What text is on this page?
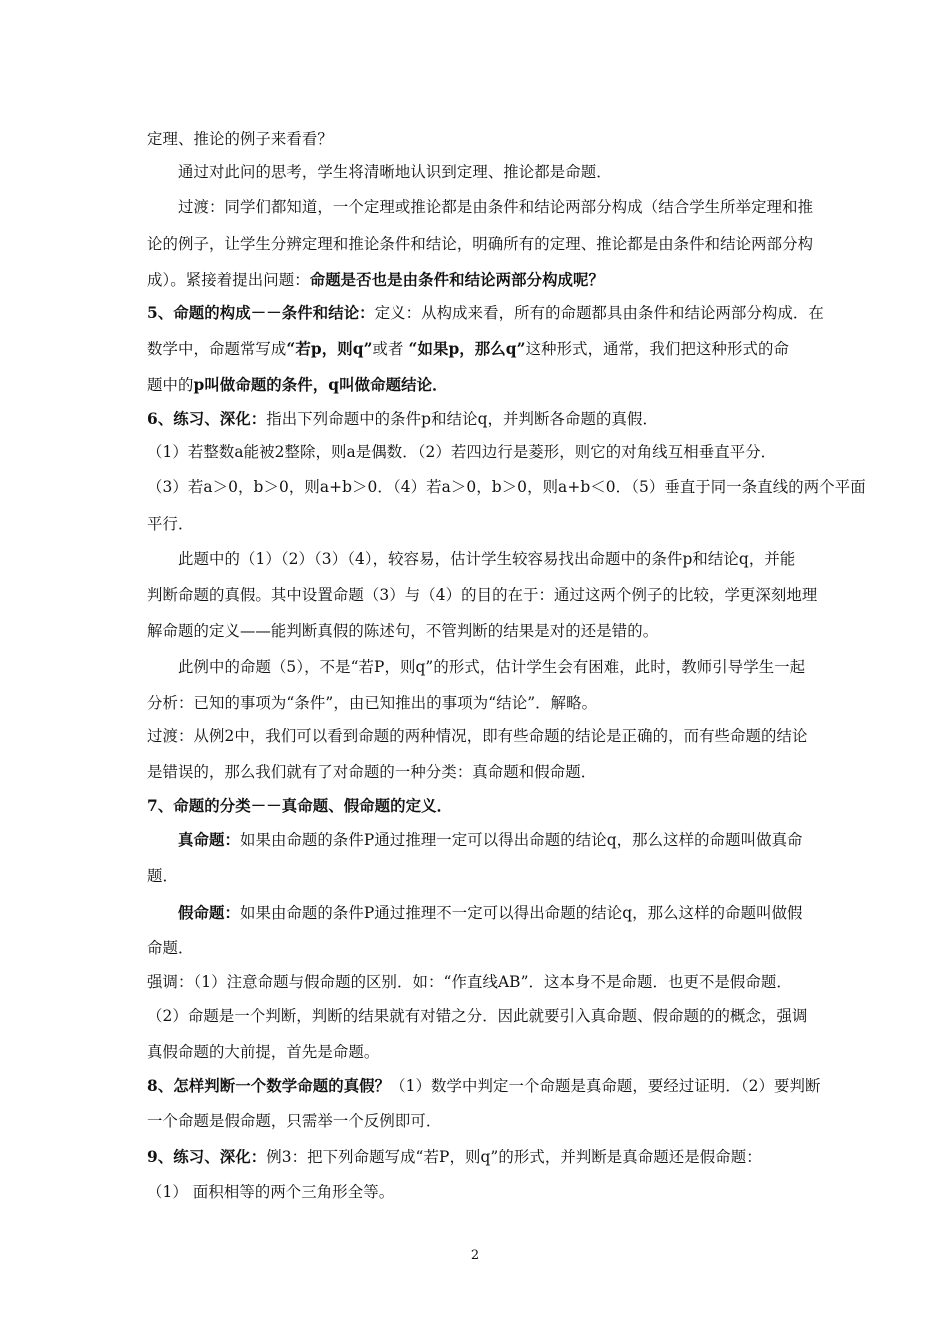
定理、推论的例子来看看？
通过对此问的思考，学生将清晰地认识到定理、推论都是命题．
过渡：同学们都知道，一个定理或推论都是由条件和结论两部分构成（结合学生所举定理和推
论的例子，让学生分辨定理和推论条件和结论，明确所有的定理、推论都是由条件和结论两部分构
成）。紧接着提出问题：命题是否也是由条件和结论两部分构成呢？
5、命题的构成－－条件和结论：定义：从构成来看，所有的命题都具由条件和结论两部分构成．在
数学中，命题常写成“若p，则q”或者 “如果p，那么q”这种形式，通常，我们把这种形式的命
题中的p叫做命题的条件，q叫做命题结论．
6、练习、深化：指出下列命题中的条件p和结论q，并判断各命题的真假．
（1）若整数a能被2整除，则a是偶数．（2）若四边行是菱形，则它的对角线互相垂直平分．
（3）若a＞0，b＞0，则a+b＞0．（4）若a＞0，b＞0，则a+b＜0．（5）垂直于同一条直线的两个平面
平行．
此题中的（1）（2）（3）（4），较容易，估计学生较容易找出命题中的条件p和结论q，并能
判断命题的真假。其中设置命题（3）与（4）的目的在于：通过这两个例子的比较，学更深刻地理
解命题的定义——能判断真假的陈述句，不管判断的结果是对的还是错的。
此例中的命题（5），不是“若P，则q”的形式，估计学生会有困难，此时，教师引导学生一起
分析：已知的事项为“条件”，由已知推出的事项为“结论”．解略。
过渡：从例2中，我们可以看到命题的两种情况，即有些命题的结论是正确的，而有些命题的结论
是错误的，那么我们就有了对命题的一种分类：真命题和假命题．
7、命题的分类－－真命题、假命题的定义．
真命题：如果由命题的条件P通过推理一定可以得出命题的结论q，那么这样的命题叫做真命
题．
假命题：如果由命题的条件P通过推理不一定可以得出命题的结论q，那么这样的命题叫做假
命题．
强调：（1）注意命题与假命题的区别．如：“作直线AB”．这本身不是命题．也更不是假命题．
（2）命题是一个判断，判断的结果就有对错之分．因此就要引入真命题、假命题的的概念，强调
真假命题的大前提，首先是命题。
8、怎样判断一个数学命题的真假？（1）数学中判定一个命题是真命题，要经过证明．（2）要判断
一个命题是假命题，只需举一个反例即可．
9、练习、深化：例3：把下列命题写成“若P，则q”的形式，并判断是真命题还是假命题：
（1） 面积相等的两个三角形全等。
2
